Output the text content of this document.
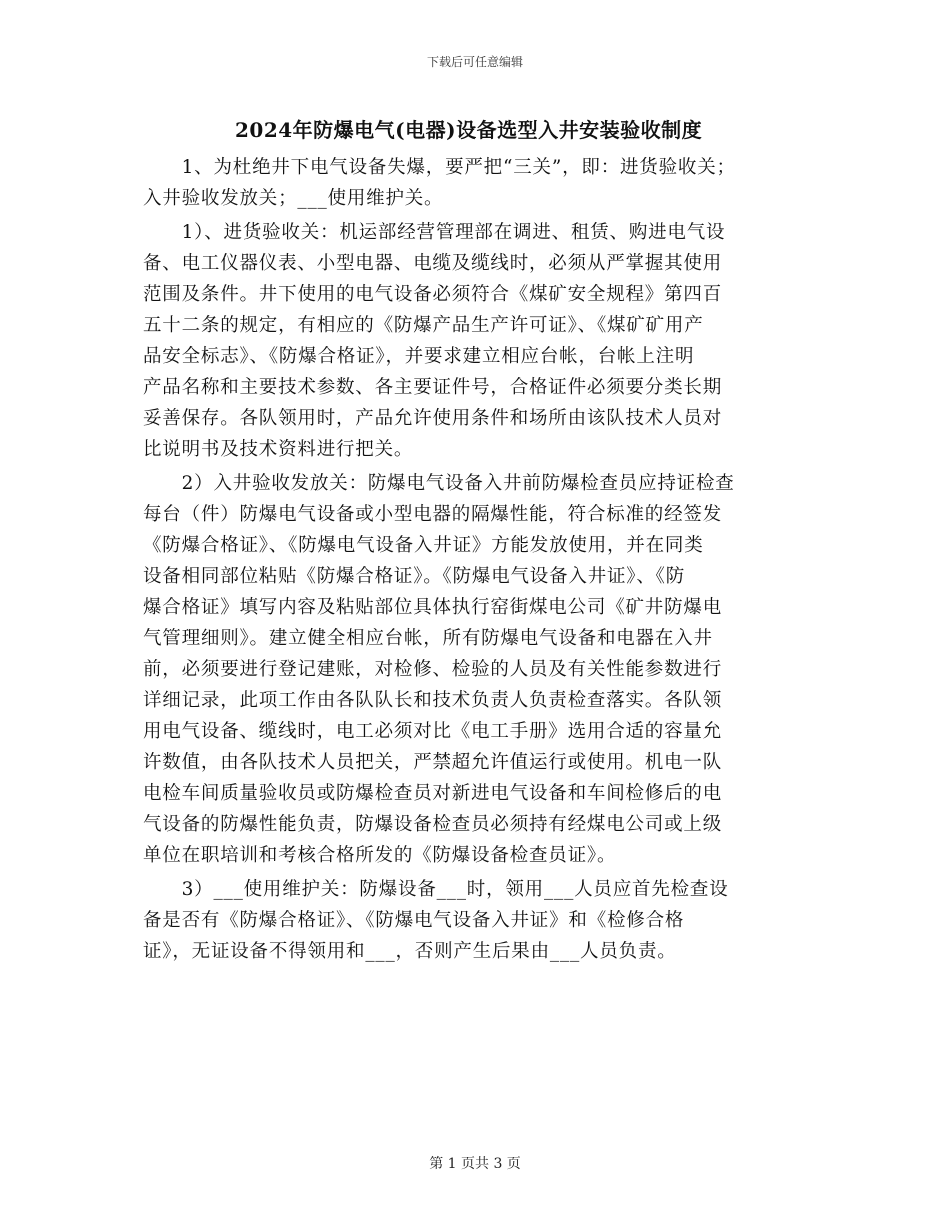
下载后可任意编辑
2024年防爆电气(电器)设备选型入井安装验收制度

　　1、为杜绝井下电气设备失爆，要严把“三关”，即：进货验收关；
入井验收发放关；___使用维护关。

　　1）、进货验收关：机运部经营管理部在调进、租赁、购进电气设
备、电工仪器仪表、小型电器、电缆及缆线时，必须从严掌握其使用
范围及条件。井下使用的电气设备必须符合《煤矿安全规程》第四百
五十二条的规定，有相应的《防爆产品生产许可证》、《煤矿矿用产
品安全标志》、《防爆合格证》，并要求建立相应台帐，台帐上注明
产品名称和主要技术参数、各主要证件号，合格证件必须要分类长期
妥善保存。各队领用时，产品允许使用条件和场所由该队技术人员对
比说明书及技术资料进行把关。

　　2）入井验收发放关：防爆电气设备入井前防爆检查员应持证检查
每台（件）防爆电气设备或小型电器的隔爆性能，符合标准的经签发
《防爆合格证》、《防爆电气设备入井证》方能发放使用，并在同类
设备相同部位粘贴《防爆合格证》。《防爆电气设备入井证》、《防
爆合格证》填写内容及粘贴部位具体执行窑街煤电公司《矿井防爆电
气管理细则》。建立健全相应台帐，所有防爆电气设备和电器在入井
前，必须要进行登记建账，对检修、检验的人员及有关性能参数进行
详细记录，此项工作由各队队长和技术负责人负责检查落实。各队领
用电气设备、缆线时，电工必须对比《电工手册》选用合适的容量允
许数值，由各队技术人员把关，严禁超允许值运行或使用。机电一队
电检车间质量验收员或防爆检查员对新进电气设备和车间检修后的电
气设备的防爆性能负责，防爆设备检查员必须持有经煤电公司或上级
单位在职培训和考核合格所发的《防爆设备检查员证》。

　　3）___使用维护关：防爆设备___时，领用___人员应首先检查设
备是否有《防爆合格证》、《防爆电气设备入井证》和《检修合格
证》，无证设备不得领用和___，否则产生后果由___人员负责。

第 1 页共 3 页
